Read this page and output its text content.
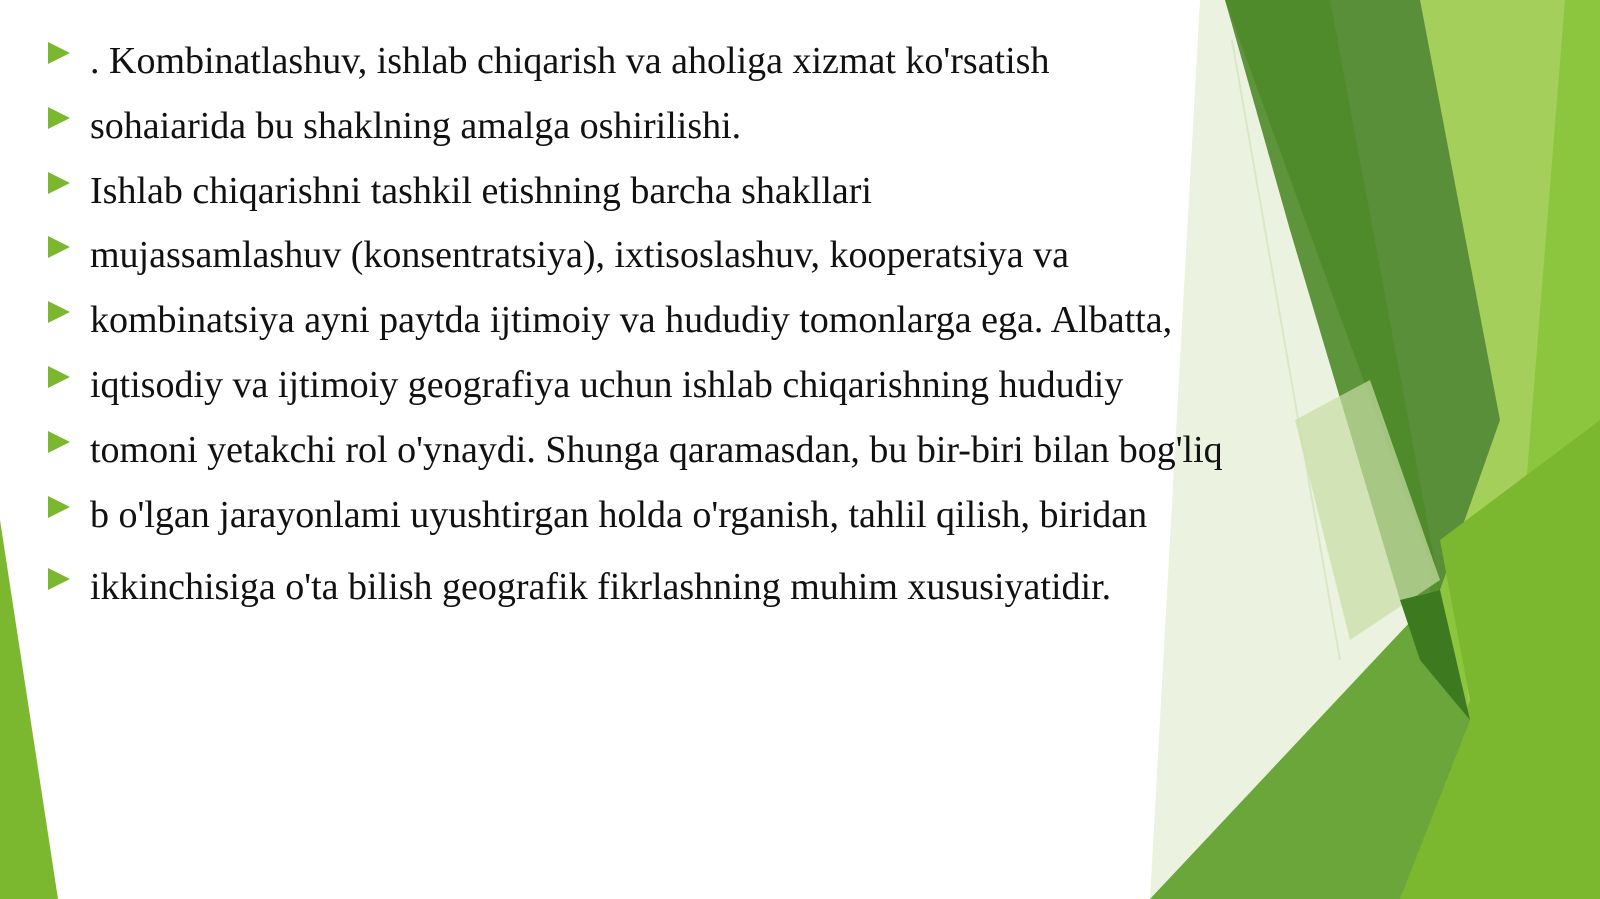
. Kombinatlashuv, ishlab chiqarish va aholiga xizmat ko'rsatish
sohaiarida bu shaklning amalga oshirilishi.
Ishlab chiqarishni tashkil etishning barcha shakllari
mujassamlashuv (konsentratsiya), ixtisoslashuv, kooperatsiya va
kombinatsiya ayni paytda ijtimoiy va hududiy tomonlarga ega. Albatta,
iqtisodiy va ijtimoiy geografiya uchun ishlab chiqarishning hududiy
tomoni yetakchi rol o'ynaydi. Shunga qaramasdan, bu bir-biri bilan bog'liq
b o'lgan jarayonlami uyushtirgan holda o'rganish, tahlil qilish, biridan
ikkinchisiga o'ta bilish geografik fikrlashning muhim xususiyatidir.
